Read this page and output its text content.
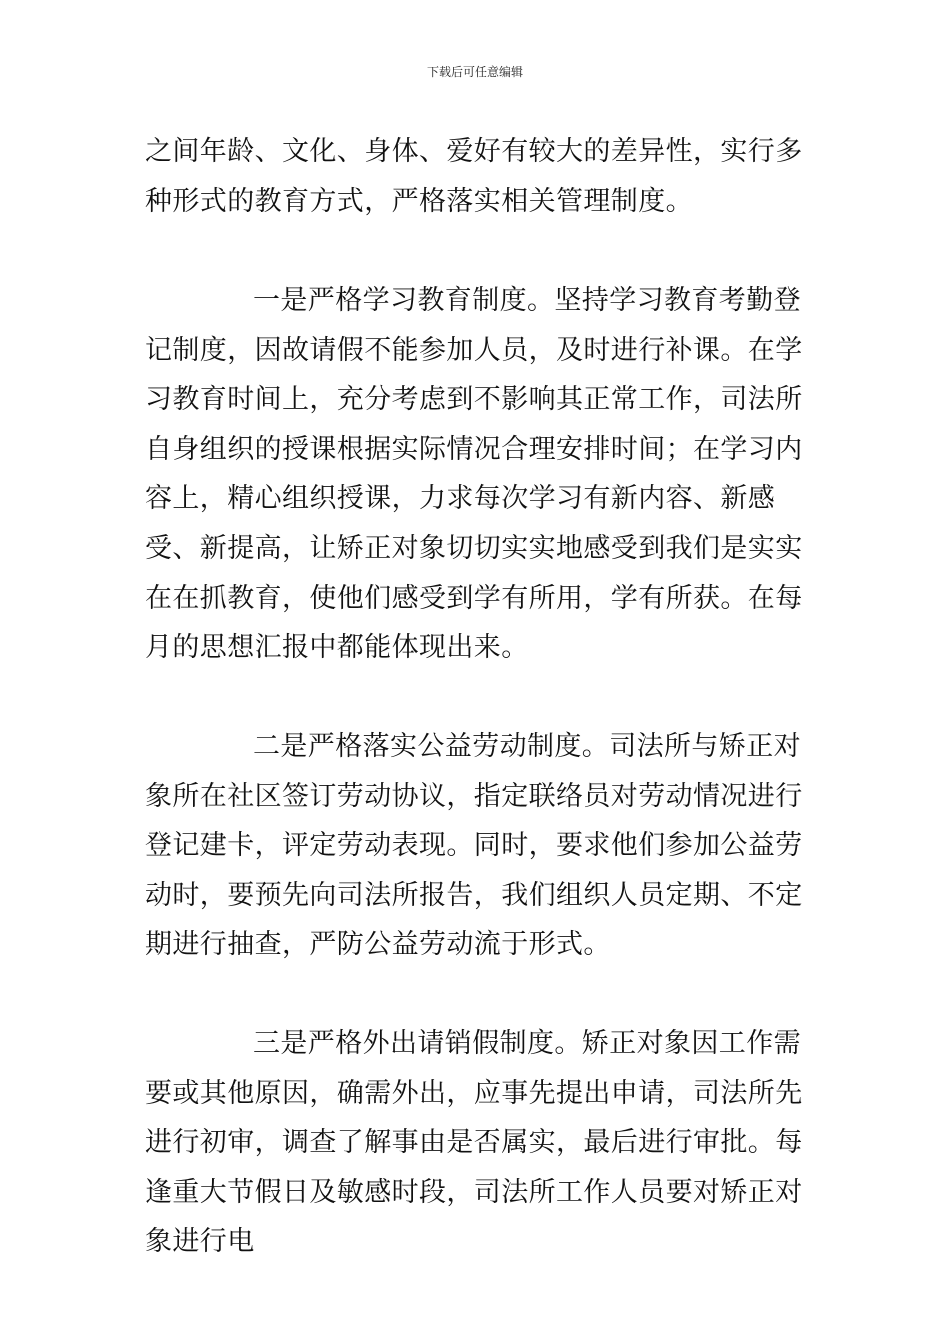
下载后可任意编辑

之间年龄、文化、身体、爱好有较大的差异性，实行多种形式的教育方式，严格落实相关管理制度。

一是严格学习教育制度。坚持学习教育考勤登记制度，因故请假不能参加人员，及时进行补课。在学习教育时间上，充分考虑到不影响其正常工作，司法所自身组织的授课根据实际情况合理安排时间；在学习内容上，精心组织授课，力求每次学习有新内容、新感受、新提高，让矫正对象切切实实地感受到我们是实实在在抓教育，使他们感受到学有所用，学有所获。在每月的思想汇报中都能体现出来。

二是严格落实公益劳动制度。司法所与矫正对象所在社区签订劳动协议，指定联络员对劳动情况进行登记建卡，评定劳动表现。同时，要求他们参加公益劳动时，要预先向司法所报告，我们组织人员定期、不定期进行抽查，严防公益劳动流于形式。

三是严格外出请销假制度。矫正对象因工作需要或其他原因，确需外出，应事先提出申请，司法所先进行初审，调查了解事由是否属实，最后进行审批。每逢重大节假日及敏感时段，司法所工作人员要对矫正对象进行电
